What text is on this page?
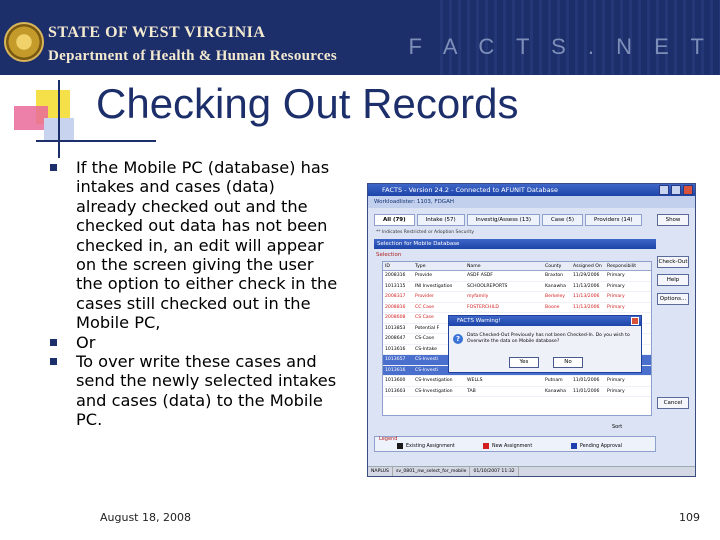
STATE OF WEST VIRGINIA
Department of Health & Human Resources	F A C T S . N E T
Checking Out Records
If the Mobile PC (database) has intakes and cases (data) already checked out and the checked out data has not been checked in, an edit will appear on the screen giving the user the option to either check in the cases still checked out in the Mobile PC,
Or
To over write these cases and send the newly selected intakes and cases (data) to the Mobile PC.
FACTS - Version 24.2 - Connected to AFUNIT Database
Workloadlister: 1103, FDGAH
All (79)	Intake (57)	Investig/Assess (13)	Case (5)	Providers (14)
** Indicates Restricted or Adoption Security
Selection for Mobile Database
Selection
ID	Type	Name	County	Assigned On	Responsibilit
2008316	Provide	ASDF ASDF	Braxton	11/29/2006	Primary
1013115	INI Investigation	SCHOOLREPORTS	Kanawha	11/13/2006	Primary
2008317	Provider	myfamily	Berkeley	11/13/2006	Primary
2008816	CC Case	FOSTERCHILD	Boone	11/13/2006	Primary
2008608	CS Case
1013853	Potential F
2008647	CS-Case
1013616	CS-Intake
1013657	CS-Investi
1013616	CS-Investi
1013600	CS-Investigation	WELLS	Putnam	11/01/2006	Primary
1013603	CS-Investigation	TAB	Kanawha	11/01/2006	Primary
Show
Check-Out
Help
Options...
Cancel
FACTS Warning!
?	Data Checked-Out Previously has not been Checked-In. Do you wish to Overwrite the data on Mobile database?
Yes	No
Sort
Legend
Existing Assignment	New Assignment	Pending Approval
NAPLUS	sv_0801_nw_select_for_mobile	01/10/2007 11:32
August 18, 2008	109
